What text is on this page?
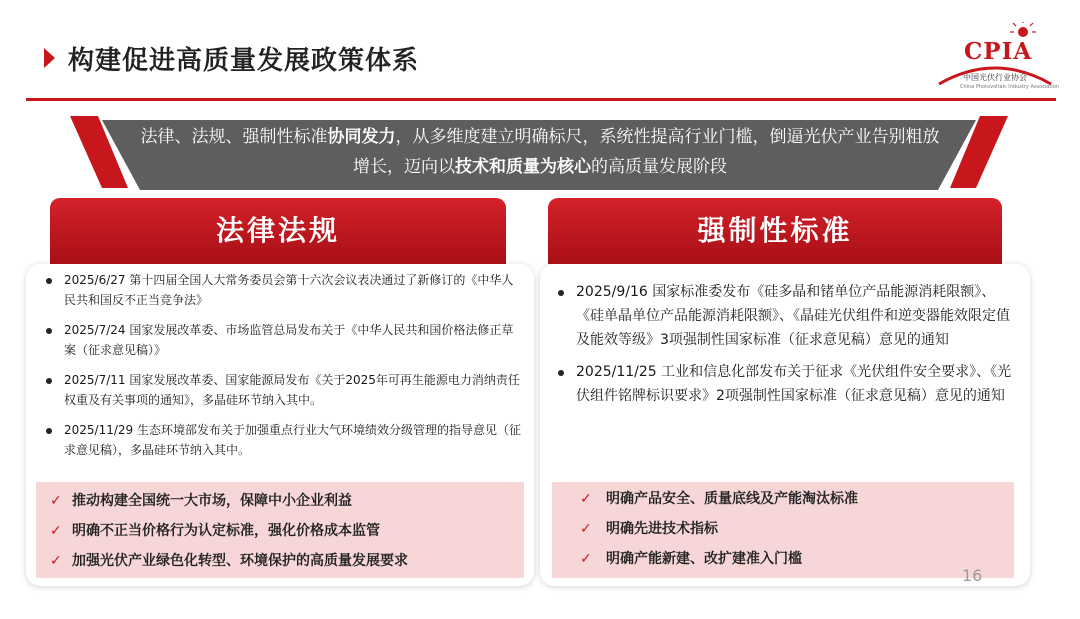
构建促进高质量发展政策体系	CPIA
中国光伏行业协会
China Photovoltaic Industry Association
法律、法规、强制性标准协同发力，从多维度建立明确标尺，系统性提高行业门槛，倒逼光伏产业告别粗放
增长，迈向以技术和质量为核心的高质量发展阶段
法律法规
2025/6/27 第十四届全国人大常务委员会第十六次会议表决通过了新修订的《中华人民共和国反不正当竞争法》
2025/7/24 国家发展改革委、市场监管总局发布关于《中华人民共和国价格法修正草案（征求意见稿）》
2025/7/11 国家发展改革委、国家能源局发布《关于2025年可再生能源电力消纳责任权重及有关事项的通知》，多晶硅环节纳入其中。
2025/11/29 生态环境部发布关于加强重点行业大气环境绩效分级管理的指导意见（征求意见稿），多晶硅环节纳入其中。
✓ 推动构建全国统一大市场，保障中小企业利益
✓ 明确不正当价格行为认定标准，强化价格成本监管
✓ 加强光伏产业绿色化转型、环境保护的高质量发展要求
强制性标准
2025/9/16 国家标准委发布《硅多晶和锗单位产品能源消耗限额》、《硅单晶单位产品能源消耗限额》、《晶硅光伏组件和逆变器能效限定值及能效等级》3项强制性国家标准（征求意见稿）意见的通知
2025/11/25 工业和信息化部发布关于征求《光伏组件安全要求》、《光伏组件铭牌标识要求》2项强制性国家标准（征求意见稿）意见的通知
✓ 明确产品安全、质量底线及产能淘汰标准
✓ 明确先进技术指标
✓ 明确产能新建、改扩建准入门槛
16
